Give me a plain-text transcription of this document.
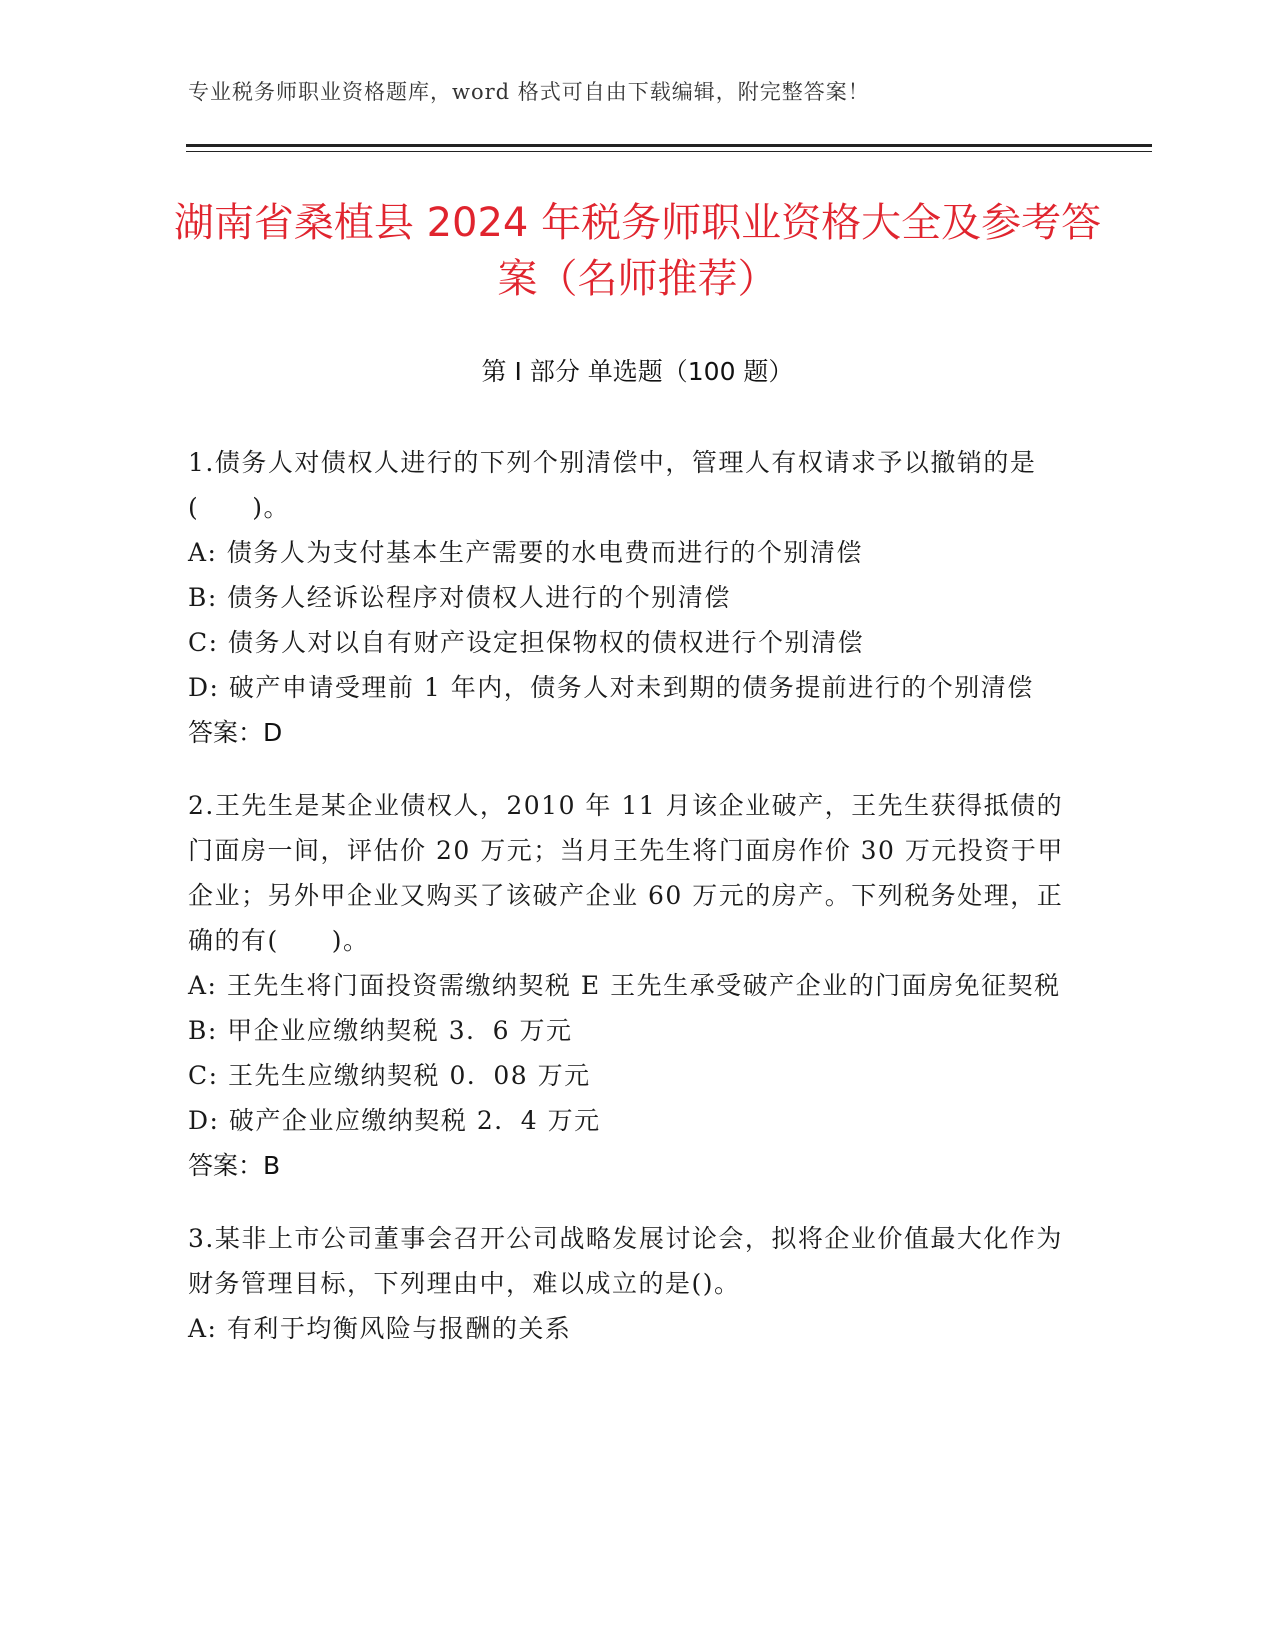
专业税务师职业资格题库，word 格式可自由下载编辑，附完整答案！
湖南省桑植县 2024 年税务师职业资格大全及参考答案（名师推荐）
第 I 部分 单选题（100 题）
1.债务人对债权人进行的下列个别清偿中，管理人有权请求予以撤销的是(　　)。
A: 债务人为支付基本生产需要的水电费而进行的个别清偿
B: 债务人经诉讼程序对债权人进行的个别清偿
C: 债务人对以自有财产设定担保物权的债权进行个别清偿
D: 破产申请受理前 1 年内，债务人对未到期的债务提前进行的个别清偿
答案：D
2.王先生是某企业债权人，2010 年 11 月该企业破产，王先生获得抵债的门面房一间，评估价 20 万元；当月王先生将门面房作价 30 万元投资于甲企业；另外甲企业又购买了该破产企业 60 万元的房产。下列税务处理，正确的有(　　)。
A: 王先生将门面投资需缴纳契税 E 王先生承受破产企业的门面房免征契税
B: 甲企业应缴纳契税 3．6 万元
C: 王先生应缴纳契税 0．08 万元
D: 破产企业应缴纳契税 2．4 万元
答案：B
3.某非上市公司董事会召开公司战略发展讨论会，拟将企业价值最大化作为财务管理目标，下列理由中，难以成立的是()。
A: 有利于均衡风险与报酬的关系
